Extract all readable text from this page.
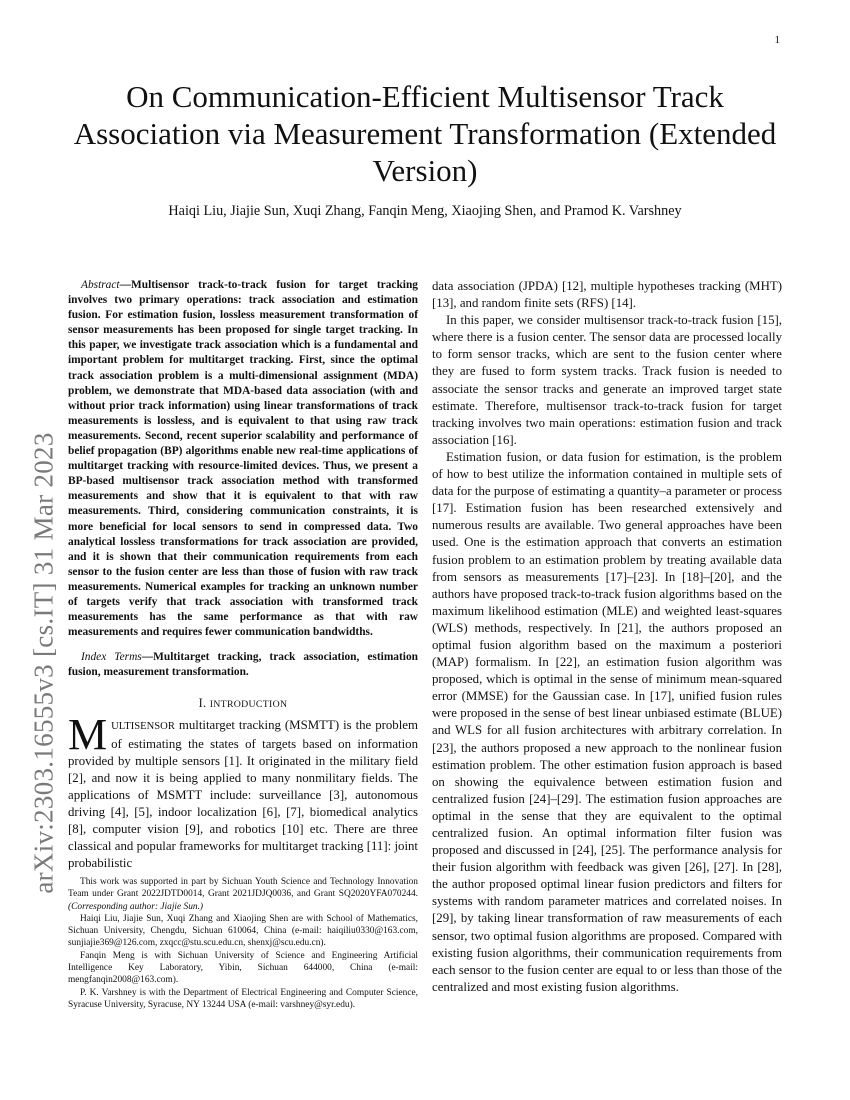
1
arXiv:2303.16555v3 [cs.IT] 31 Mar 2023
On Communication-Efficient Multisensor Track Association via Measurement Transformation (Extended Version)
Haiqi Liu, Jiajie Sun, Xuqi Zhang, Fanqin Meng, Xiaojing Shen, and Pramod K. Varshney

Abstract—Multisensor track-to-track fusion for target tracking involves two primary operations: track association and estimation fusion. For estimation fusion, lossless measurement transformation of sensor measurements has been proposed for single target tracking. In this paper, we investigate track association which is a fundamental and important problem for multitarget tracking. First, since the optimal track association problem is a multi-dimensional assignment (MDA) problem, we demonstrate that MDA-based data association (with and without prior track information) using linear transformations of track measurements is lossless, and is equivalent to that using raw track measurements. Second, recent superior scalability and performance of belief propagation (BP) algorithms enable new real-time applications of multitarget tracking with resource-limited devices. Thus, we present a BP-based multisensor track association method with transformed measurements and show that it is equivalent to that with raw measurements. Third, considering communication constraints, it is more beneficial for local sensors to send in compressed data. Two analytical lossless transformations for track association are provided, and it is shown that their communication requirements from each sensor to the fusion center are less than those of fusion with raw track measurements. Numerical examples for tracking an unknown number of targets verify that track association with transformed track measurements has the same performance as that with raw measurements and requires fewer communication bandwidths.

Index Terms—Multitarget tracking, track association, estimation fusion, measurement transformation.

I. INTRODUCTION

MULTISENSOR multitarget tracking (MSMTT) is the problem of estimating the states of targets based on information provided by multiple sensors [1]. It originated in the military field [2], and now it is being applied to many nonmilitary fields. The applications of MSMTT include: surveillance [3], autonomous driving [4], [5], indoor localization [6], [7], biomedical analytics [8], computer vision [9], and robotics [10] etc. There are three classical and popular frameworks for multitarget tracking [11]: joint probabilistic

This work was supported in part by Sichuan Youth Science and Technology Innovation Team under Grant 2022JDTD0014, Grant 2021JDJQ0036, and Grant SQ2020YFA070244. (Corresponding author: Jiajie Sun.)

Haiqi Liu, Jiajie Sun, Xuqi Zhang and Xiaojing Shen are with School of Mathematics, Sichuan University, Chengdu, Sichuan 610064, China (e-mail: haiqiliu0330@163.com, sunjiajie369@126.com, zxqcc@stu.scu.edu.cn, shenxj@scu.edu.cn).

Fanqin Meng is with Sichuan University of Science and Engineering Artificial Intelligence Key Laboratory, Yibin, Sichuan 644000, China (e-mail: mengfanqin2008@163.com).

P. K. Varshney is with the Department of Electrical Engineering and Computer Science, Syracuse University, Syracuse, NY 13244 USA (e-mail: varshney@syr.edu).

data association (JPDA) [12], multiple hypotheses tracking (MHT) [13], and random finite sets (RFS) [14].

In this paper, we consider multisensor track-to-track fusion [15], where there is a fusion center. The sensor data are processed locally to form sensor tracks, which are sent to the fusion center where they are fused to form system tracks. Track fusion is needed to associate the sensor tracks and generate an improved target state estimate. Therefore, multisensor track-to-track fusion for target tracking involves two main operations: estimation fusion and track association [16].

Estimation fusion, or data fusion for estimation, is the problem of how to best utilize the information contained in multiple sets of data for the purpose of estimating a quantity–a parameter or process [17]. Estimation fusion has been researched extensively and numerous results are available. Two general approaches have been used. One is the estimation approach that converts an estimation fusion problem to an estimation problem by treating available data from sensors as measurements [17]–[23]. In [18]–[20], and the authors have proposed track-to-track fusion algorithms based on the maximum likelihood estimation (MLE) and weighted least-squares (WLS) methods, respectively. In [21], the authors proposed an optimal fusion algorithm based on the maximum a posteriori (MAP) formalism. In [22], an estimation fusion algorithm was proposed, which is optimal in the sense of minimum mean-squared error (MMSE) for the Gaussian case. In [17], unified fusion rules were proposed in the sense of best linear unbiased estimate (BLUE) and WLS for all fusion architectures with arbitrary correlation. In [23], the authors proposed a new approach to the nonlinear fusion estimation problem. The other estimation fusion approach is based on showing the equivalence between estimation fusion and centralized fusion [24]–[29]. The estimation fusion approaches are optimal in the sense that they are equivalent to the optimal centralized fusion. An optimal information filter fusion was proposed and discussed in [24], [25]. The performance analysis for their fusion algorithm with feedback was given [26], [27]. In [28], the author proposed optimal linear fusion predictors and filters for systems with random parameter matrices and correlated noises. In [29], by taking linear transformation of raw measurements of each sensor, two optimal fusion algorithms are proposed. Compared with existing fusion algorithms, their communication requirements from each sensor to the fusion center are equal to or less than those of the centralized and most existing fusion algorithms.
